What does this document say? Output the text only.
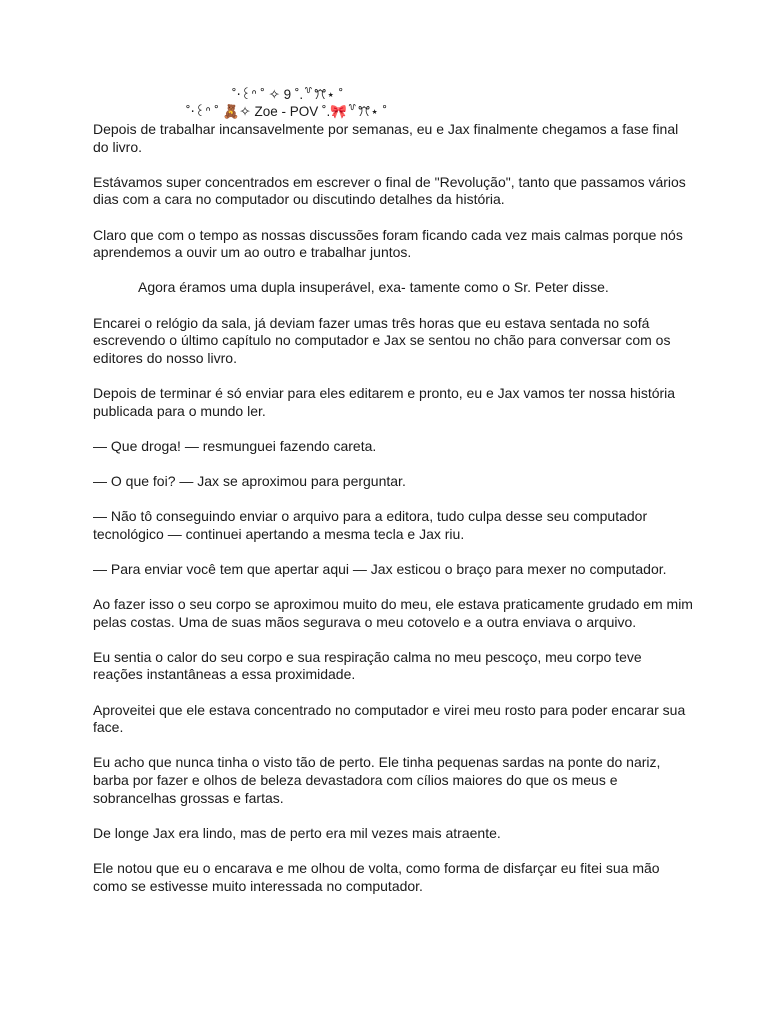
˚‧꒰ᐢ ˚ ✧ 9 ˚.꒷ꔫ⋆ ˚
˚‧꒰ᐢ ˚ 🧸✧ Zoe - POV ˚.🎀꒷ꔫ⋆ ˚

Depois de trabalhar incansavelmente por semanas, eu e Jax finalmente chegamos a fase final do livro.

Estávamos super concentrados em escrever o final de "Revolução", tanto que passamos vários dias com a cara no computador ou discutindo detalhes da história.

Claro que com o tempo as nossas discussões foram ficando cada vez mais calmas porque nós aprendemos a ouvir um ao outro e trabalhar juntos.

Agora éramos uma dupla insuperável, exa- tamente como o Sr. Peter disse.

Encarei o relógio da sala, já deviam fazer umas três horas que eu estava sentada no sofá escrevendo o último capítulo no computador e Jax se sentou no chão para conversar com os editores do nosso livro.

Depois de terminar é só enviar para eles editarem e pronto, eu e Jax vamos ter nossa história publicada para o mundo ler.

— Que droga! — resmunguei fazendo careta.

— O que foi? — Jax se aproximou para perguntar.

— Não tô conseguindo enviar o arquivo para a editora, tudo culpa desse seu computador tecnológico — continuei apertando a mesma tecla e Jax riu.

— Para enviar você tem que apertar aqui — Jax esticou o braço para mexer no computador.

Ao fazer isso o seu corpo se aproximou muito do meu, ele estava praticamente grudado em mim pelas costas. Uma de suas mãos segurava o meu cotovelo e a outra enviava o arquivo.

Eu sentia o calor do seu corpo e sua respiração calma no meu pescoço, meu corpo teve reações instantâneas a essa proximidade.

Aproveitei que ele estava concentrado no computador e virei meu rosto para poder encarar sua face.

Eu acho que nunca tinha o visto tão de perto. Ele tinha pequenas sardas na ponte do nariz, barba por fazer e olhos de beleza devastadora com cílios maiores do que os meus e sobrancelhas grossas e fartas.

De longe Jax era lindo, mas de perto era mil vezes mais atraente.

Ele notou que eu o encarava e me olhou de volta, como forma de disfarçar eu fitei sua mão como se estivesse muito interessada no computador.
